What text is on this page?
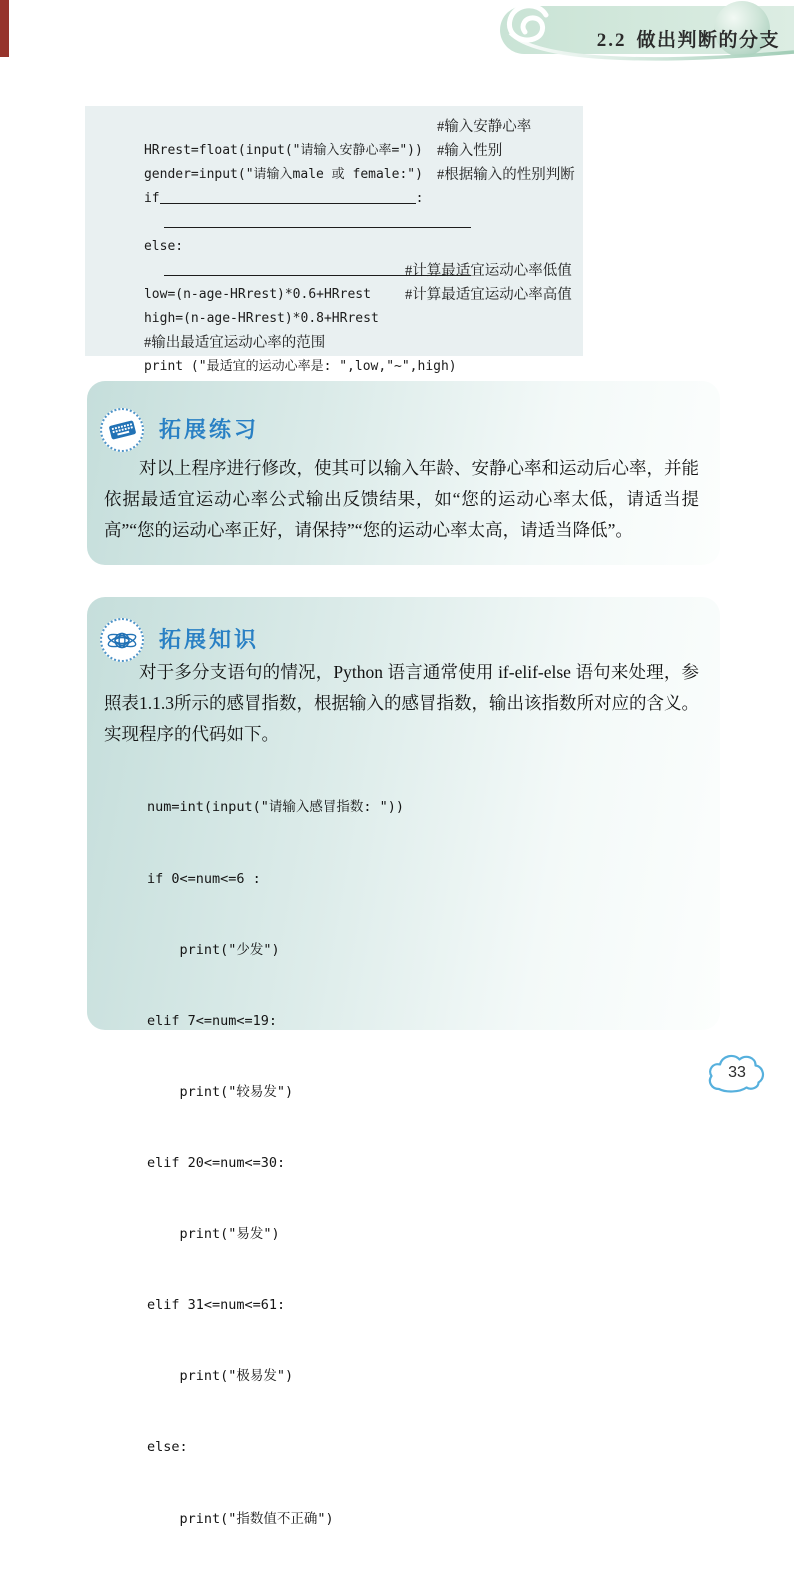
2.2 做出判断的分支

HRrest=float(input("请输入安静心率="))

#输入安静心率

gender=input("请输入male 或 female:")

#输入性别

if	:

#根据输入的性别判断

else:

low=(n-age-HRrest)*0.6+HRrest

#计算最适宜运动心率低值

high=(n-age-HRrest)*0.8+HRrest

#计算最适宜运动心率高值

#输出最适宜运动心率的范围

print ("最适宜的运动心率是: ",low,"~",high)

拓展练习
对以上程序进行修改，使其可以输入年龄、安静心率和运动后心率，并能依据最适宜运动心率公式输出反馈结果，如“您的运动心率太低，请适当提高”“您的运动心率正好，请保持”“您的运动心率太高，请适当降低”。
拓展知识
对于多分支语句的情况，Python 语言通常使用 if-elif-else 语句来处理，参照表1.1.3所示的感冒指数，根据输入的感冒指数，输出该指数所对应的含义。实现程序的代码如下。

num=int(input("请输入感冒指数: "))

if 0<=num<=6 :

print("少发")

elif 7<=num<=19:

print("较易发")

elif 20<=num<=30:

print("易发")

elif 31<=num<=61:

print("极易发")

else:

print("指数值不正确")

33
